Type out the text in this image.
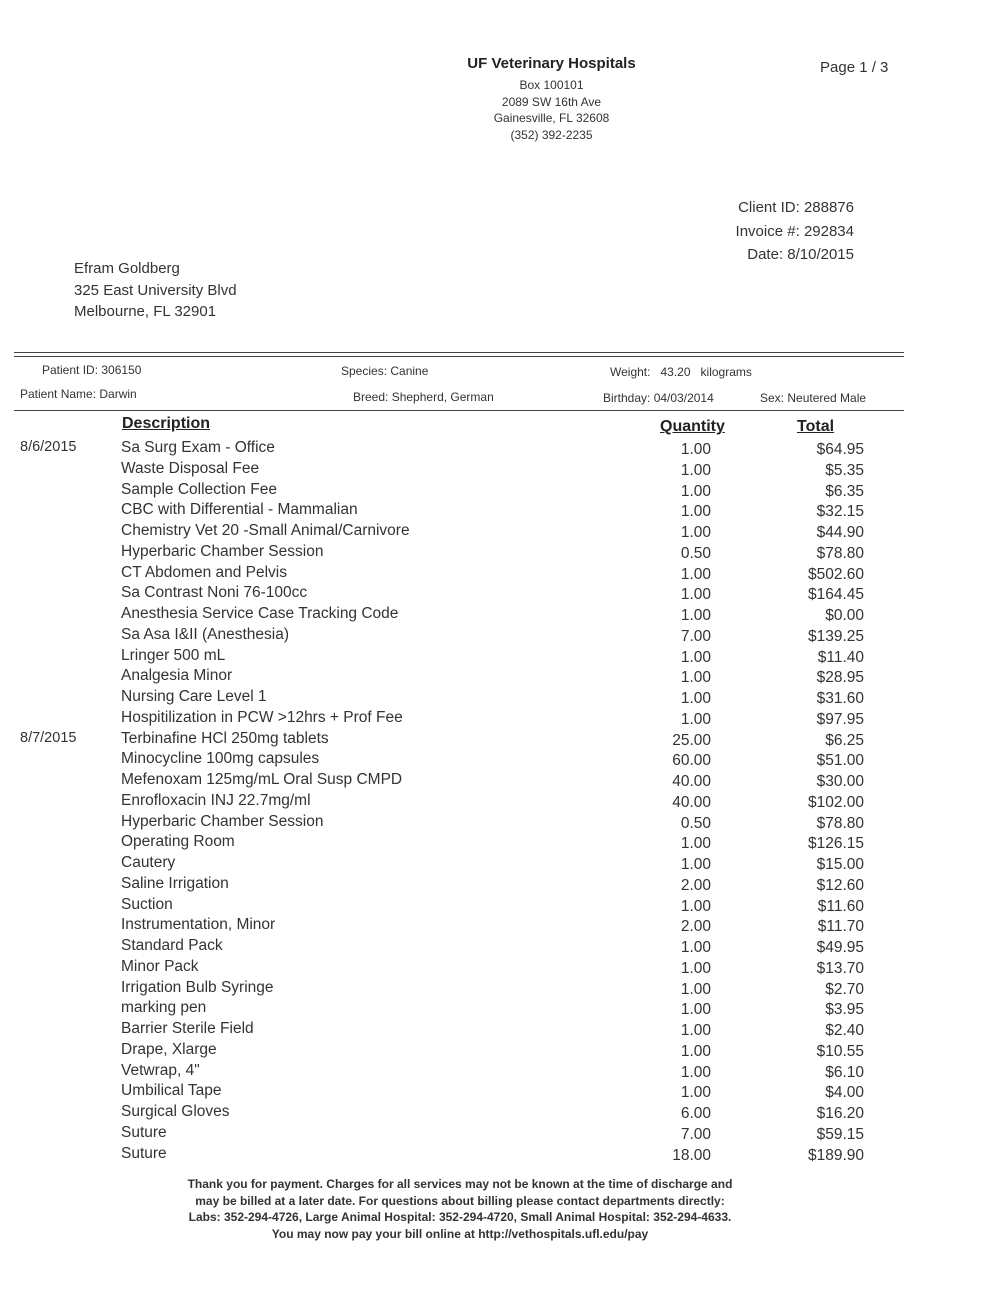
UF Veterinary Hospitals
Box 100101
2089 SW 16th Ave
Gainesville, FL 32608
(352) 392-2235
Page 1 / 3
Client ID: 288876
Invoice #: 292834
Date: 8/10/2015
Efram Goldberg
325 East University Blvd
Melbourne, FL 32901
Patient ID: 306150	Species: Canine	Weight: 43.20 kilograms
Patient Name: Darwin	Breed: Shepherd, German	Birthday: 04/03/2014	Sex: Neutered Male
Description	Quantity	Total
8/6/2015	Sa Surg Exam - Office	1.00	$64.95
Waste Disposal Fee	1.00	$5.35
Sample Collection Fee	1.00	$6.35
CBC with Differential - Mammalian	1.00	$32.15
Chemistry Vet 20 -Small Animal/Carnivore	1.00	$44.90
Hyperbaric Chamber Session	0.50	$78.80
CT Abdomen and Pelvis	1.00	$502.60
Sa Contrast Noni 76-100cc	1.00	$164.45
Anesthesia Service Case Tracking Code	1.00	$0.00
Sa Asa I&II (Anesthesia)	7.00	$139.25
Lringer 500 mL	1.00	$11.40
Analgesia Minor	1.00	$28.95
Nursing Care Level 1	1.00	$31.60
Hospitilization in PCW >12hrs + Prof Fee	1.00	$97.95
8/7/2015	Terbinafine HCl 250mg tablets	25.00	$6.25
Minocycline 100mg capsules	60.00	$51.00
Mefenoxam 125mg/mL Oral Susp CMPD	40.00	$30.00
Enrofloxacin INJ 22.7mg/ml	40.00	$102.00
Hyperbaric Chamber Session	0.50	$78.80
Operating Room	1.00	$126.15
Cautery	1.00	$15.00
Saline Irrigation	2.00	$12.60
Suction	1.00	$11.60
Instrumentation, Minor	2.00	$11.70
Standard Pack	1.00	$49.95
Minor Pack	1.00	$13.70
Irrigation Bulb Syringe	1.00	$2.70
marking pen	1.00	$3.95
Barrier Sterile Field	1.00	$2.40
Drape, Xlarge	1.00	$10.55
Vetwrap, 4"	1.00	$6.10
Umbilical Tape	1.00	$4.00
Surgical Gloves	6.00	$16.20
Suture	7.00	$59.15
Suture	18.00	$189.90
Thank you for payment. Charges for all services may not be known at the time of discharge and may be billed at a later date. For questions about billing please contact departments directly: Labs: 352-294-4726, Large Animal Hospital: 352-294-4720, Small Animal Hospital: 352-294-4633. You may now pay your bill online at http://vethospitals.ufl.edu/pay
